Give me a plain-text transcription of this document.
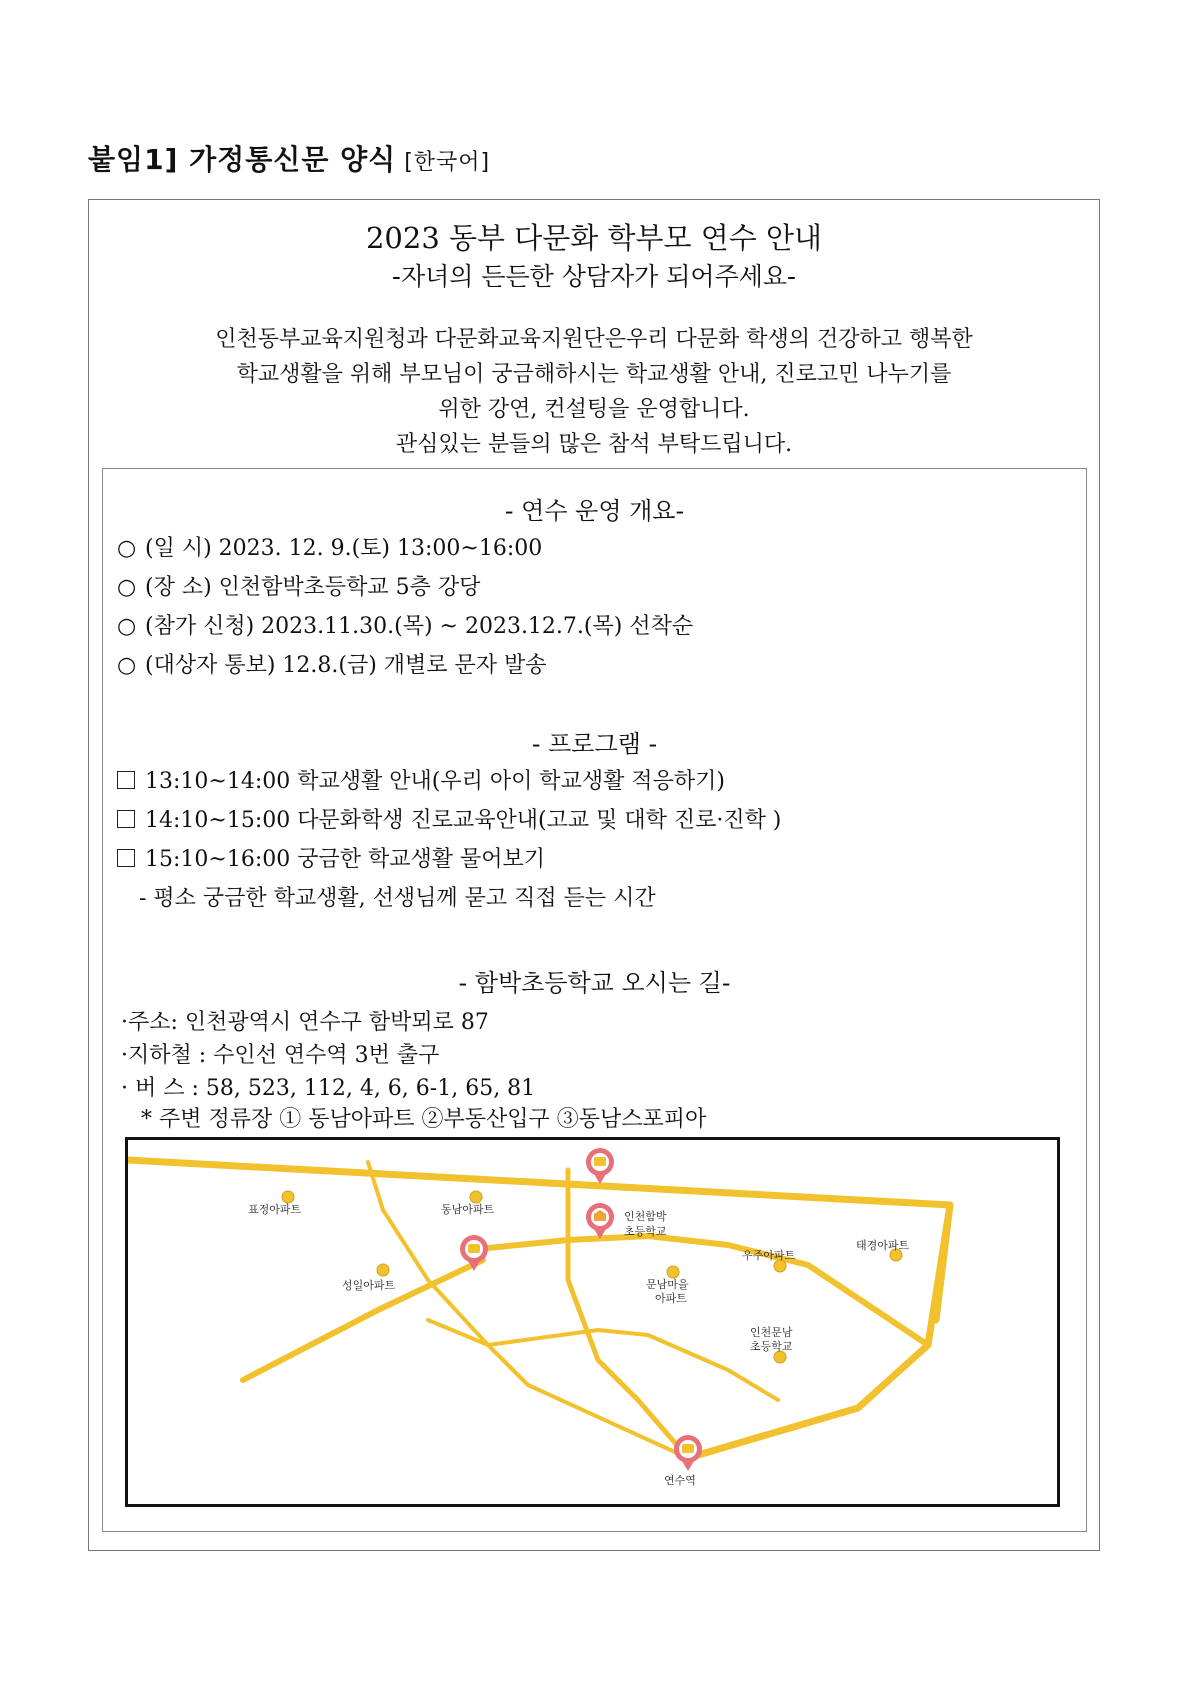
붙임1] 가정통신문 양식 [한국어]
2023 동부 다문화 학부모 연수 안내
-자녀의 든든한 상담자가 되어주세요-
인천동부교육지원청과 다문화교육지원단은우리 다문화 학생의 건강하고 행복한
학교생활을 위해 부모님이 궁금해하시는 학교생활 안내, 진로고민 나누기를
위한 강연, 컨설팅을 운영합니다.
관심있는 분들의 많은 참석 부탁드립니다.
- 연수 운영 개요-
○ (일 시) 2023. 12. 9.(토) 13:00~16:00
○ (장 소) 인천함박초등학교 5층 강당
○ (참가 신청) 2023.11.30.(목) ~ 2023.12.7.(목) 선착순
○ (대상자 통보) 12.8.(금) 개별로 문자 발송
- 프로그램 -
13:10~14:00 학교생활 안내(우리 아이 학교생활 적응하기)
14:10~15:00 다문화학생 진로교육안내(고교 및 대학 진로·진학 )
15:10~16:00 궁금한 학교생활 물어보기
- 평소 궁금한 학교생활, 선생님께 묻고 직접 듣는 시간
- 함박초등학교 오시는 길-
·주소: 인천광역시 연수구 함박뫼로 87
·지하철 : 수인선 연수역 3번 출구
· 버 스 : 58, 523, 112, 4, 6, 6-1, 65, 81
* 주변 정류장 ① 동남아파트 ②부동산입구 ③동남스포피아
표정아파트	동남아파트
인천함박
초등학교
우주아파트
태경아파트
성일아파트	문남마을
아파트
인천문남
초등학교
연수역
